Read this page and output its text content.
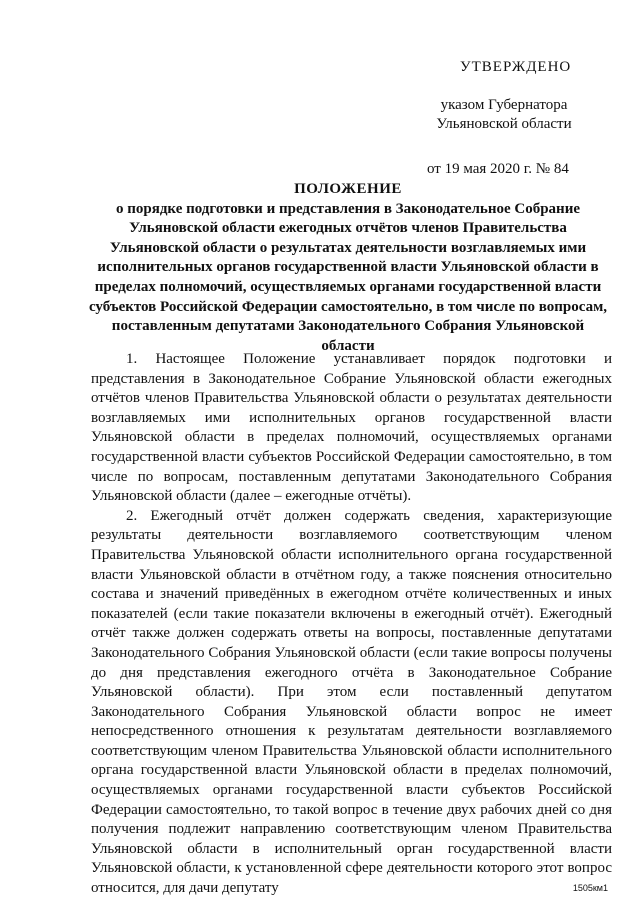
УТВЕРЖДЕНО
указом Губернатора
Ульяновской области
от 19 мая 2020 г. № 84
ПОЛОЖЕНИЕ
о порядке подготовки и представления в Законодательное Собрание Ульяновской области ежегодных отчётов членов Правительства Ульяновской области о результатах деятельности возглавляемых ими исполнительных органов государственной власти Ульяновской области в пределах полномочий, осуществляемых органами государственной власти субъектов Российской Федерации самостоятельно, в том числе по вопросам, поставленным депутатами Законодательного Собрания Ульяновской области

1. Настоящее Положение устанавливает порядок подготовки и представления в Законодательное Собрание Ульяновской области ежегодных отчётов членов Правительства Ульяновской области о результатах деятельности возглавляемых ими исполнительных органов государственной власти Ульяновской области в пределах полномочий, осуществляемых органами государственной власти субъектов Российской Федерации самостоятельно, в том числе по вопросам, поставленным депутатами Законодательного Собрания Ульяновской области (далее – ежегодные отчёты).

2. Ежегодный отчёт должен содержать сведения, характеризующие результаты деятельности возглавляемого соответствующим членом Правительства Ульяновской области исполнительного органа государственной власти Ульяновской области в отчётном году, а также пояснения относительно состава и значений приведённых в ежегодном отчёте количественных и иных показателей (если такие показатели включены в ежегодный отчёт). Ежегодный отчёт также должен содержать ответы на вопросы, поставленные депутатами Законодательного Собрания Ульяновской области (если такие вопросы получены до дня представления ежегодного отчёта в Законодательное Собрание Ульяновской области). При этом если поставленный депутатом Законодательного Собрания Ульяновской области вопрос не имеет непосредственного отношения к результатам деятельности возглавляемого соответствующим членом Правительства Ульяновской области исполнительного органа государственной власти Ульяновской области в пределах полномочий, осуществляемых органами государственной власти субъектов Российской Федерации самостоятельно, то такой вопрос в течение двух рабочих дней со дня получения подлежит направлению соответствующим членом Правительства Ульяновской области в исполнительный орган государственной власти Ульяновской области, к установленной сфере деятельности которого этот вопрос относится, для дачи депутату	1505км1
